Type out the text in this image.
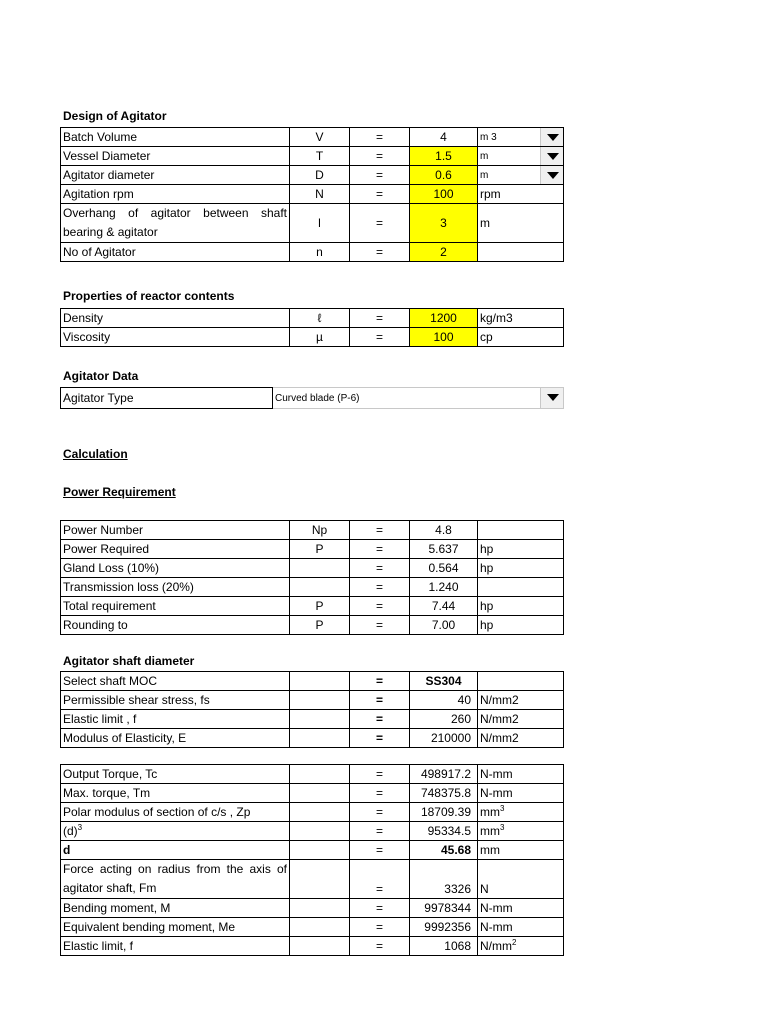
Design of Agitator
Batch Volume	V	=	4	m 3

Vessel Diameter	T	=	1.5	m

Agitator diameter	D	=	0.6	m

Agitation rpm	N	=	100	rpm
Overhang of agitator between shaft bearing & agitator	l	=	3	m
No of Agitator	n	=	2	
Properties of reactor contents
Density	ℓ	=	1200	kg/m3
Viscosity	µ	=	100	cp
Agitator Data
Agitator Type	Curved blade (P-6)
Calculation
Power Requirement
Power Number	Np	=	4.8	
Power Required	P	=	5.637	hp
Gland Loss (10%)		=	0.564	hp
Transmission loss (20%)		=	1.240	
Total requirement	P	=	7.44	hp
Rounding to	P	=	7.00	hp
Agitator shaft diameter
Select shaft MOC		=	SS304	
Permissible shear stress, fs		=	40	N/mm2
Elastic limit , f		=	260	N/mm2
Modulus of Elasticity, E		=	210000	N/mm2
Output Torque, Tc		=	498917.2	N-mm
Max. torque, Tm		=	748375.8	N-mm
Polar modulus of section of c/s , Zp		=	18709.39	$mm^3$
$(d)^3$		=	95334.5	$mm^3$
d		=	45.68	mm
Force acting on radius from the axis of agitator shaft, Fm		=	3326	N
Bending moment, M		=	9978344	N-mm
Equivalent bending moment, Me		=	9992356	N-mm
Elastic limit, f		=	1068	$N/mm^2$
